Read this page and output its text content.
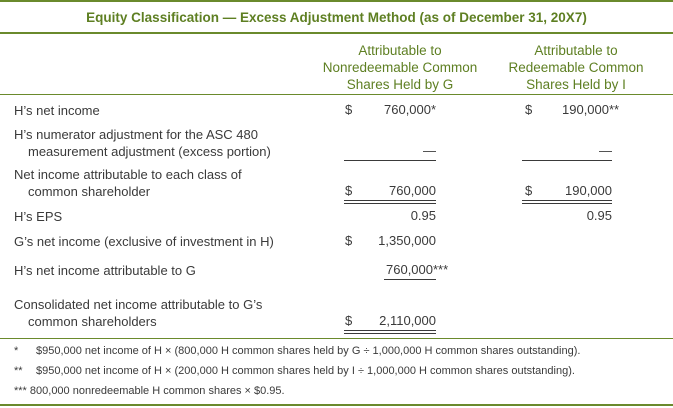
Equity Classification — Excess Adjustment Method (as of December 31, 20X7)
Attributable to
Nonredeemable Common
Shares Held by G
Attributable to
Redeemable Common
Shares Held by I
H’s net income	$	760,000*	$ 190,000**
H’s numerator adjustment for the ASC 480
measurement adjustment (excess portion)	—	—
Net income attributable to each class of
common shareholder	$	760,000	$	190,000
H’s EPS	0.95	0.95
G’s net income (exclusive of investment in H)	$	1,350,000
H’s net income attributable to G	760,000***
Consolidated net income attributable to G’s
common shareholders	$	2,110,000
* $950,000 net income of H × (800,000 H common shares held by G ÷ 1,000,000 H common shares outstanding).
** $950,000 net income of H × (200,000 H common shares held by I ÷ 1,000,000 H common shares outstanding).
*** 800,000 nonredeemable H common shares × $0.95.
